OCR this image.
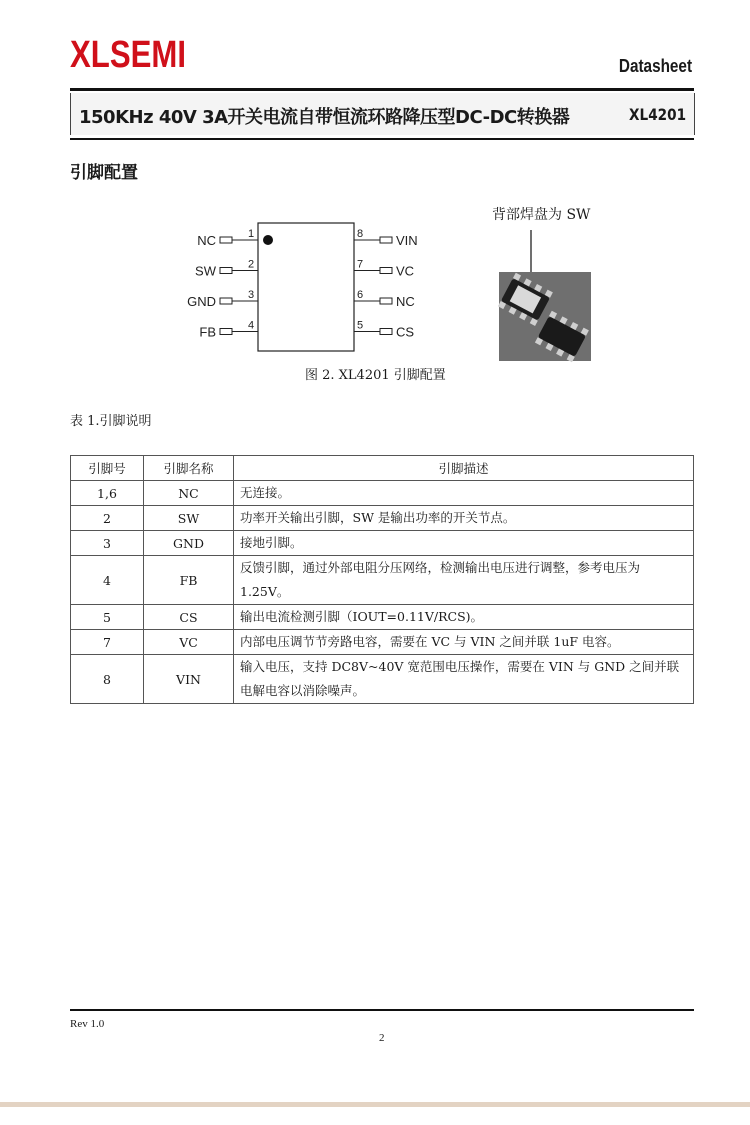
XLSEMI	Datasheet
150KHz 40V 3A开关电流自带恒流环路降压型DC-DC转换器	XL4201
引脚配置
1
NC
2
SW
3
GND
4
FB
8	VIN
7	VC
6	NC
5	CS
背部焊盘为 SW
图 2. XL4201 引脚配置
表 1.引脚说明
引脚号	引脚名称	引脚描述
1,6	NC	无连接。
2	SW	功率开关输出引脚，SW 是输出功率的开关节点。
3	GND	接地引脚。
4	FB	反馈引脚，通过外部电阻分压网络，检测输出电压进行调整，参考电压为 1.25V。
5	CS	输出电流检测引脚（IOUT=0.11V/RCS)。
7	VC	内部电压调节节旁路电容，需要在 VC 与 VIN 之间并联 1uF 电容。
8	VIN	输入电压，支持 DC8V~40V 宽范围电压操作，需要在 VIN 与 GND 之间并联电解电容以消除噪声。
Rev 1.0
2
